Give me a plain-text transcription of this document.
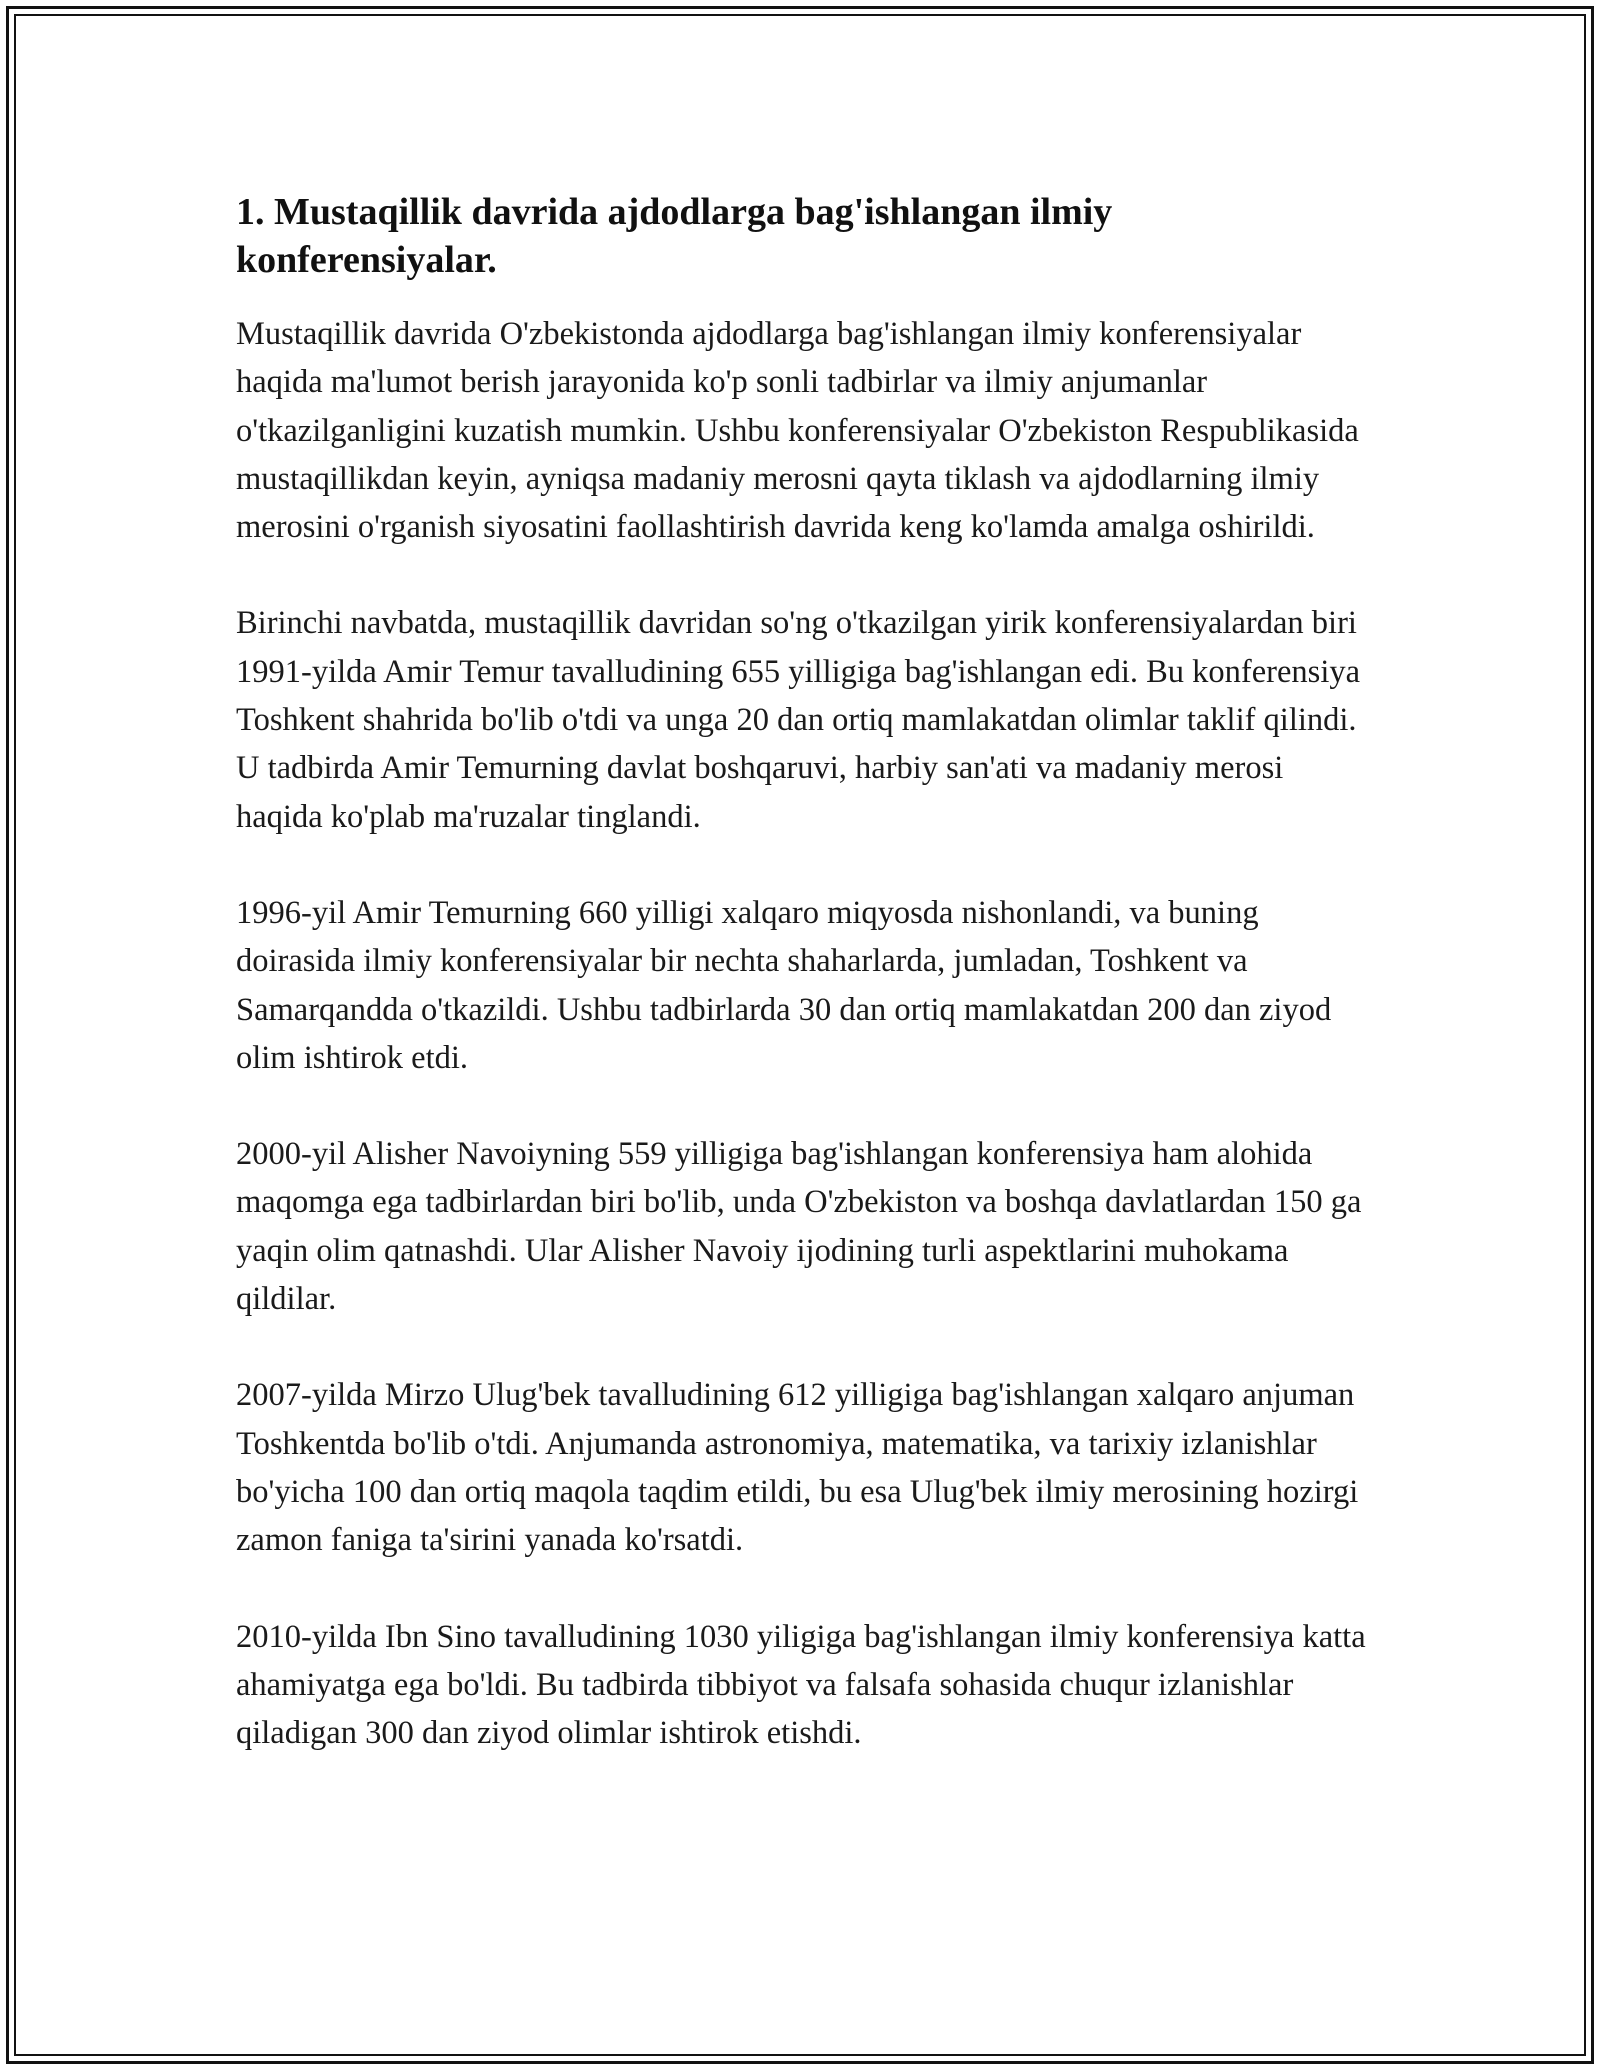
1. Mustaqillik davrida ajdodlarga bag'ishlangan ilmiy konferensiyalar.

Mustaqillik davrida O'zbekistonda ajdodlarga bag'ishlangan ilmiy konferensiyalar haqida ma'lumot berish jarayonida ko'p sonli tadbirlar va ilmiy anjumanlar o'tkazilganligini kuzatish mumkin. Ushbu konferensiyalar O'zbekiston Respublikasida mustaqillikdan keyin, ayniqsa madaniy merosni qayta tiklash va ajdodlarning ilmiy merosini o'rganish siyosatini faollashtirish davrida keng ko'lamda amalga oshirildi.

Birinchi navbatda, mustaqillik davridan so'ng o'tkazilgan yirik konferensiyalardan biri 1991-yilda Amir Temur tavalludining 655 yilligiga bag'ishlangan edi. Bu konferensiya Toshkent shahrida bo'lib o'tdi va unga 20 dan ortiq mamlakatdan olimlar taklif qilindi. U tadbirda Amir Temurning davlat boshqaruvi, harbiy san'ati va madaniy merosi haqida ko'plab ma'ruzalar tinglandi.

1996-yil Amir Temurning 660 yilligi xalqaro miqyosda nishonlandi, va buning doirasida ilmiy konferensiyalar bir nechta shaharlarda, jumladan, Toshkent va Samarqandda o'tkazildi. Ushbu tadbirlarda 30 dan ortiq mamlakatdan 200 dan ziyod olim ishtirok etdi.

2000-yil Alisher Navoiyning 559 yilligiga bag'ishlangan konferensiya ham alohida maqomga ega tadbirlardan biri bo'lib, unda O'zbekiston va boshqa davlatlardan 150 ga yaqin olim qatnashdi. Ular Alisher Navoiy ijodining turli aspektlarini muhokama qildilar.

2007-yilda Mirzo Ulug'bek tavalludining 612 yilligiga bag'ishlangan xalqaro anjuman Toshkentda bo'lib o'tdi. Anjumanda astronomiya, matematika, va tarixiy izlanishlar bo'yicha 100 dan ortiq maqola taqdim etildi, bu esa Ulug'bek ilmiy merosining hozirgi zamon faniga ta'sirini yanada ko'rsatdi.

2010-yilda Ibn Sino tavalludining 1030 yiligiga bag'ishlangan ilmiy konferensiya katta ahamiyatga ega bo'ldi. Bu tadbirda tibbiyot va falsafa sohasida chuqur izlanishlar qiladigan 300 dan ziyod olimlar ishtirok etishdi.
